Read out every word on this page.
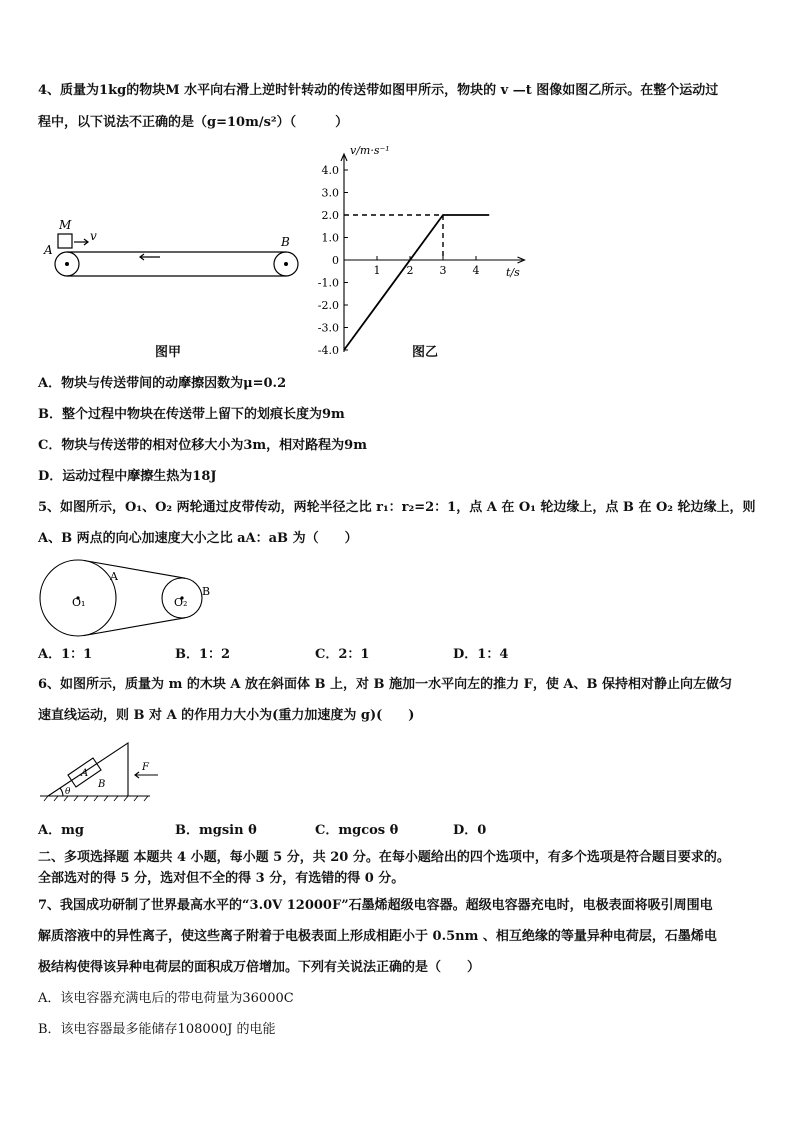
4、质量为1kg的物块M 水平向右滑上逆时针转动的传送带如图甲所示，物块的 v —t 图像如图乙所示。在整个运动过
程中，以下说法不正确的是（g=10m/s²）（　　　）
M
v
A
B
图甲
4.0
3.0
2.0
1.0
0
-1.0
-2.0
-3.0
-4.0
1 2 3 4
v/m·s⁻¹
t/s
图乙
A．物块与传送带间的动摩擦因数为μ=0.2
B．整个过程中物块在传送带上留下的划痕长度为9m
C．物块与传送带的相对位移大小为3m，相对路程为9m
D．运动过程中摩擦生热为18J
5、如图所示，O₁、O₂ 两轮通过皮带传动，两轮半径之比 r₁：r₂=2：1，点 A 在 O₁ 轮边缘上，点 B 在 O₂ 轮边缘上，则
A、B 两点的向心加速度大小之比 aA：aB 为（　　）
O₁	O₂
A
B
A．1：1	B．1：2	C．2：1	D．1：4
6、如图所示，质量为 m 的木块 A 放在斜面体 B 上，对 B 施加一水平向左的推力 F，使 A、B 保持相对静止向左做匀
速直线运动，则 B 对 A 的作用力大小为(重力加速度为 g)(　　)
A
B
F
θ
A．mg	B．mgsin θ	C．mgcos θ	D．0
二、多项选择题 本题共 4 小题，每小题 5 分，共 20 分。在每小题给出的四个选项中，有多个选项是符合题目要求的。
全部选对的得 5 分，选对但不全的得 3 分，有选错的得 0 分。
7、我国成功研制了世界最高水平的“3.0V 12000F”石墨烯超级电容器。超级电容器充电时，电极表面将吸引周围电
解质溶液中的异性离子，使这些离子附着于电极表面上形成相距小于 0.5nm 、相互绝缘的等量异种电荷层，石墨烯电
极结构使得该异种电荷层的面积成万倍增加。下列有关说法正确的是（　　）
A．该电容器充满电后的带电荷量为36000C
B．该电容器最多能储存108000J 的电能
